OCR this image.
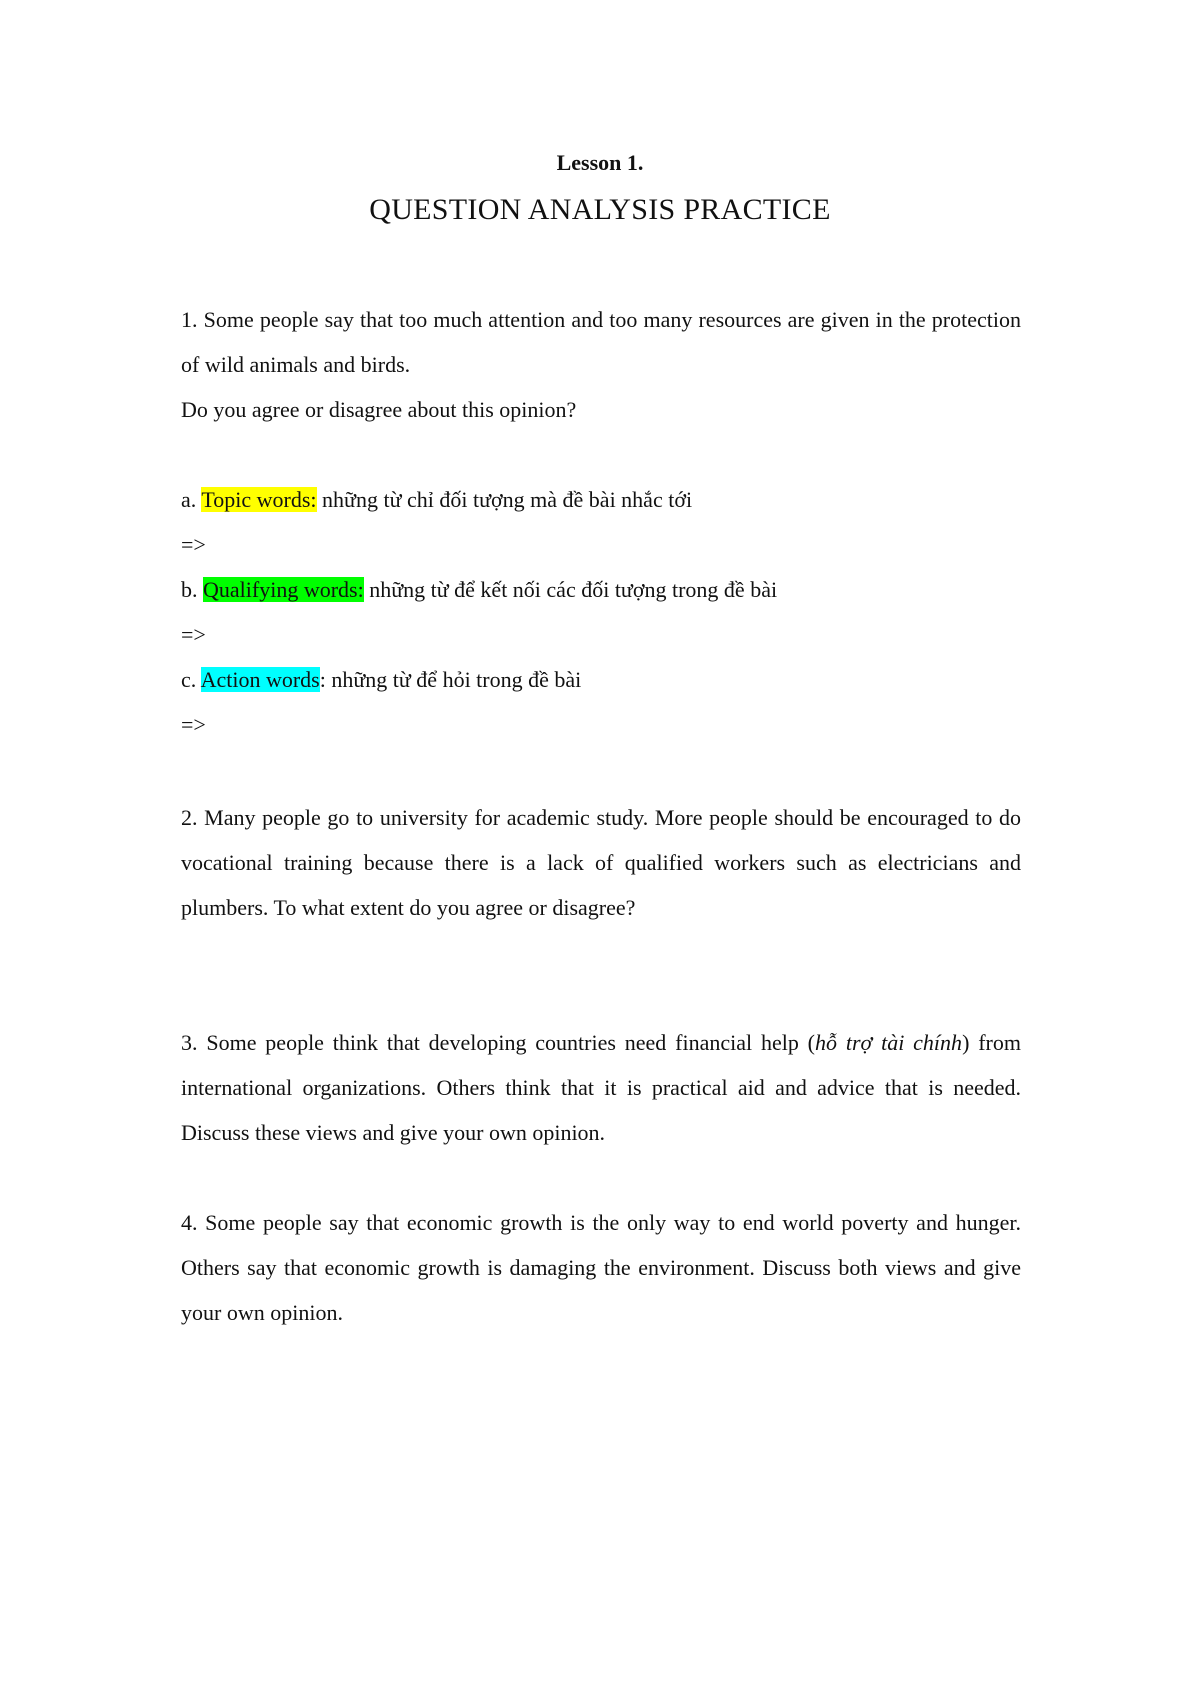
Lesson 1.
QUESTION ANALYSIS PRACTICE

1. Some people say that too much attention and too many resources are given in the protection of wild animals and birds.

Do you agree or disagree about this opinion?

a. Topic words: những từ chỉ đối tượng mà đề bài nhắc tới
=>
b. Qualifying words: những từ để kết nối các đối tượng trong đề bài
=>
c. Action words: những từ để hỏi trong đề bài
=>

2. Many people go to university for academic study. More people should be encouraged to do vocational training because there is a lack of qualified workers such as electricians and plumbers. To what extent do you agree or disagree?

3. Some people think that developing countries need financial help (hỗ trợ tài chính) from international organizations. Others think that it is practical aid and advice that is needed. Discuss these views and give your own opinion.

4. Some people say that economic growth is the only way to end world poverty and hunger. Others say that economic growth is damaging the environment. Discuss both views and give your own opinion.
